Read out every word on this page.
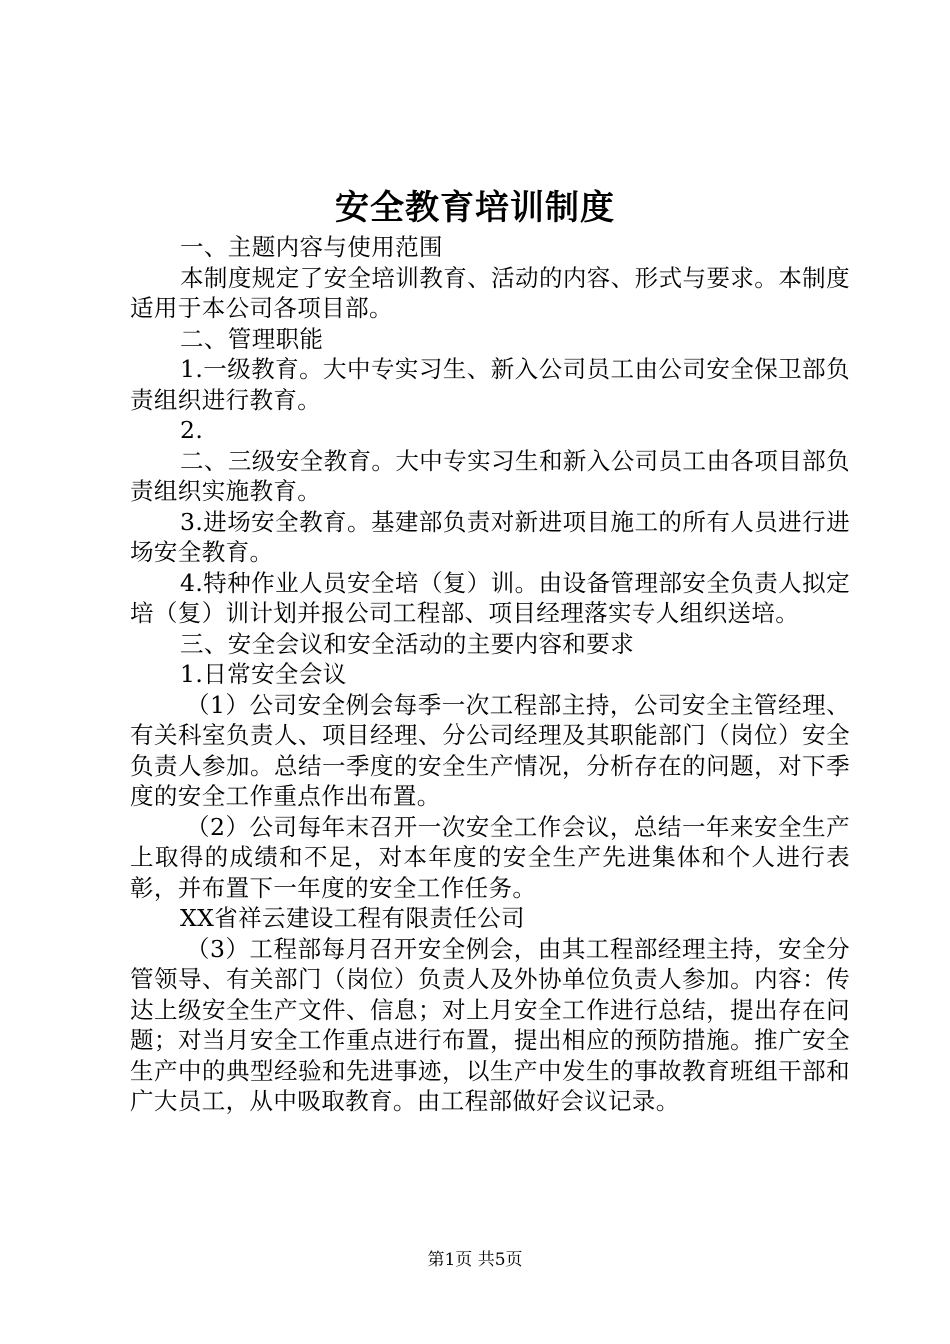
安全教育培训制度

一、主题内容与使用范围

本制度规定了安全培训教育、活动的内容、形式与要求。本制度适用于本公司各项目部。

二、管理职能

1.一级教育。大中专实习生、新入公司员工由公司安全保卫部负责组织进行教育。

2.

二、三级安全教育。大中专实习生和新入公司员工由各项目部负责组织实施教育。

3.进场安全教育。基建部负责对新进项目施工的所有人员进行进场安全教育。

4.特种作业人员安全培（复）训。由设备管理部安全负责人拟定培（复）训计划并报公司工程部、项目经理落实专人组织送培。

三、安全会议和安全活动的主要内容和要求

1.日常安全会议

（1）公司安全例会每季一次工程部主持，公司安全主管经理、有关科室负责人、项目经理、分公司经理及其职能部门（岗位）安全负责人参加。总结一季度的安全生产情况，分析存在的问题，对下季度的安全工作重点作出布置。

（2）公司每年末召开一次安全工作会议，总结一年来安全生产上取得的成绩和不足，对本年度的安全生产先进集体和个人进行表彰，并布置下一年度的安全工作任务。

XX省祥云建设工程有限责任公司

（3）工程部每月召开安全例会，由其工程部经理主持，安全分管领导、有关部门（岗位）负责人及外协单位负责人参加。内容：传达上级安全生产文件、信息；对上月安全工作进行总结，提出存在问题；对当月安全工作重点进行布置，提出相应的预防措施。推广安全生产中的典型经验和先进事迹，以生产中发生的事故教育班组干部和广大员工，从中吸取教育。由工程部做好会议记录。

第1页 共5页
